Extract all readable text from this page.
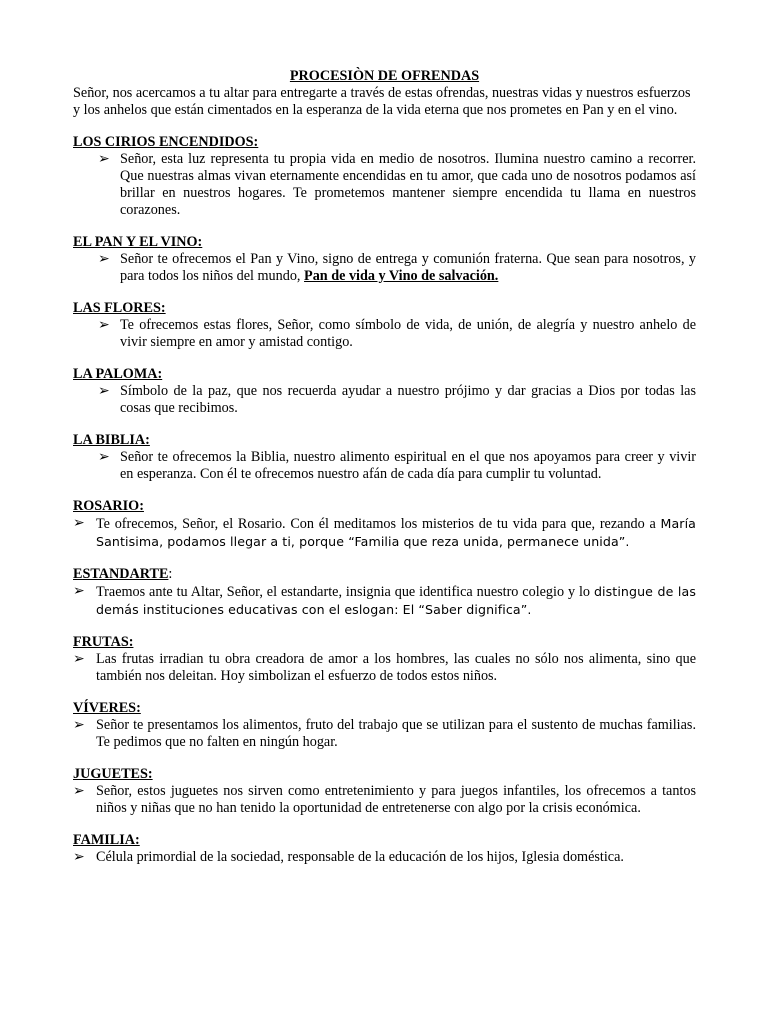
PROCESIÒN DE OFRENDAS

Señor, nos acercamos a tu altar para entregarte a través de estas ofrendas, nuestras vidas y nuestros esfuerzos y los anhelos que están cimentados en la esperanza de la vida eterna que nos prometes en Pan y en el vino.

LOS CIRIOS ENCENDIDOS:

➢ Señor, esta luz representa tu propia vida en medio de nosotros. Ilumina nuestro camino a recorrer. Que nuestras almas vivan eternamente encendidas en tu amor, que cada uno de nosotros podamos así brillar en nuestros hogares. Te prometemos mantener siempre encendida tu llama en nuestros corazones.

EL PAN Y EL VINO:

➢ Señor te ofrecemos el Pan y Vino, signo de entrega y comunión fraterna. Que sean para nosotros, y para todos los niños del mundo, Pan de vida y Vino de salvación.

LAS FLORES:

➢ Te ofrecemos estas flores, Señor, como símbolo de vida, de unión, de alegría y nuestro anhelo de vivir siempre en amor y amistad contigo.

LA PALOMA:

➢ Símbolo de la paz, que nos recuerda ayudar a nuestro prójimo y dar gracias a Dios por todas las cosas que recibimos.

LA BIBLIA:

➢ Señor te ofrecemos la Biblia, nuestro alimento espiritual en el que nos apoyamos para creer y vivir en esperanza. Con él te ofrecemos nuestro afán de cada día para cumplir tu voluntad.

ROSARIO:

➢ Te ofrecemos, Señor, el Rosario. Con él meditamos los misterios de tu vida para que, rezando a María Santisima, podamos llegar a ti, porque “Familia que reza unida, permanece unida”.

ESTANDARTE:

➢ Traemos ante tu Altar, Señor, el estandarte, insignia que identifica nuestro colegio y lo distingue de las demás instituciones educativas con el eslogan: El “Saber dignifica”.

FRUTAS:

➢ Las frutas irradian tu obra creadora de amor a los hombres, las cuales no sólo nos alimenta, sino que también nos deleitan. Hoy simbolizan el esfuerzo de todos estos niños.

VÍVERES:

➢ Señor te presentamos los alimentos, fruto del trabajo que se utilizan para el sustento de muchas familias. Te pedimos que no falten en ningún hogar.

JUGUETES:

➢ Señor, estos juguetes nos sirven como entretenimiento y para juegos infantiles, los ofrecemos a tantos niños y niñas que no han tenido la oportunidad de entretenerse con algo por la crisis económica.

FAMILIA:

➢ Célula primordial de la sociedad, responsable de la educación de los hijos, Iglesia doméstica.
